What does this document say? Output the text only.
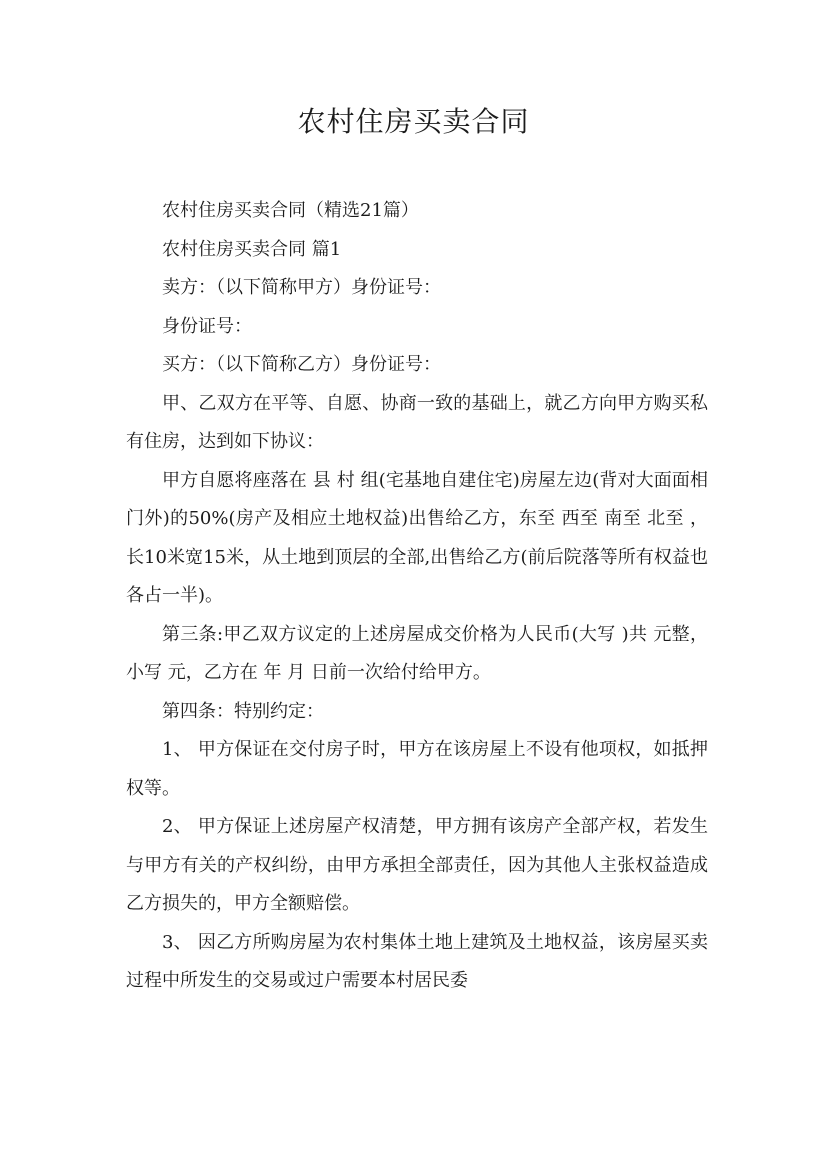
农村住房买卖合同

农村住房买卖合同（精选21篇）

农村住房买卖合同 篇1

卖方：（以下简称甲方）身份证号：

身份证号：

买方：（以下简称乙方）身份证号：

甲、乙双方在平等、自愿、协商一致的基础上，就乙方向甲方购买私有住房，达到如下协议：

甲方自愿将座落在 县 村 组(宅基地自建住宅)房屋左边(背对大面面相门外)的50%(房产及相应土地权益)出售给乙方，东至 西至 南至 北至 ，长10米宽15米，从土地到顶层的全部,出售给乙方(前后院落等所有权益也各占一半)。

第三条:甲乙双方议定的上述房屋成交价格为人民币(大写 )共 元整，小写 元，乙方在 年 月 日前一次给付给甲方。

第四条：特别约定：

1、 甲方保证在交付房子时，甲方在该房屋上不设有他项权，如抵押权等。

2、 甲方保证上述房屋产权清楚，甲方拥有该房产全部产权，若发生与甲方有关的产权纠纷，由甲方承担全部责任，因为其他人主张权益造成乙方损失的，甲方全额赔偿。

3、 因乙方所购房屋为农村集体土地上建筑及土地权益，该房屋买卖过程中所发生的交易或过户需要本村居民委
